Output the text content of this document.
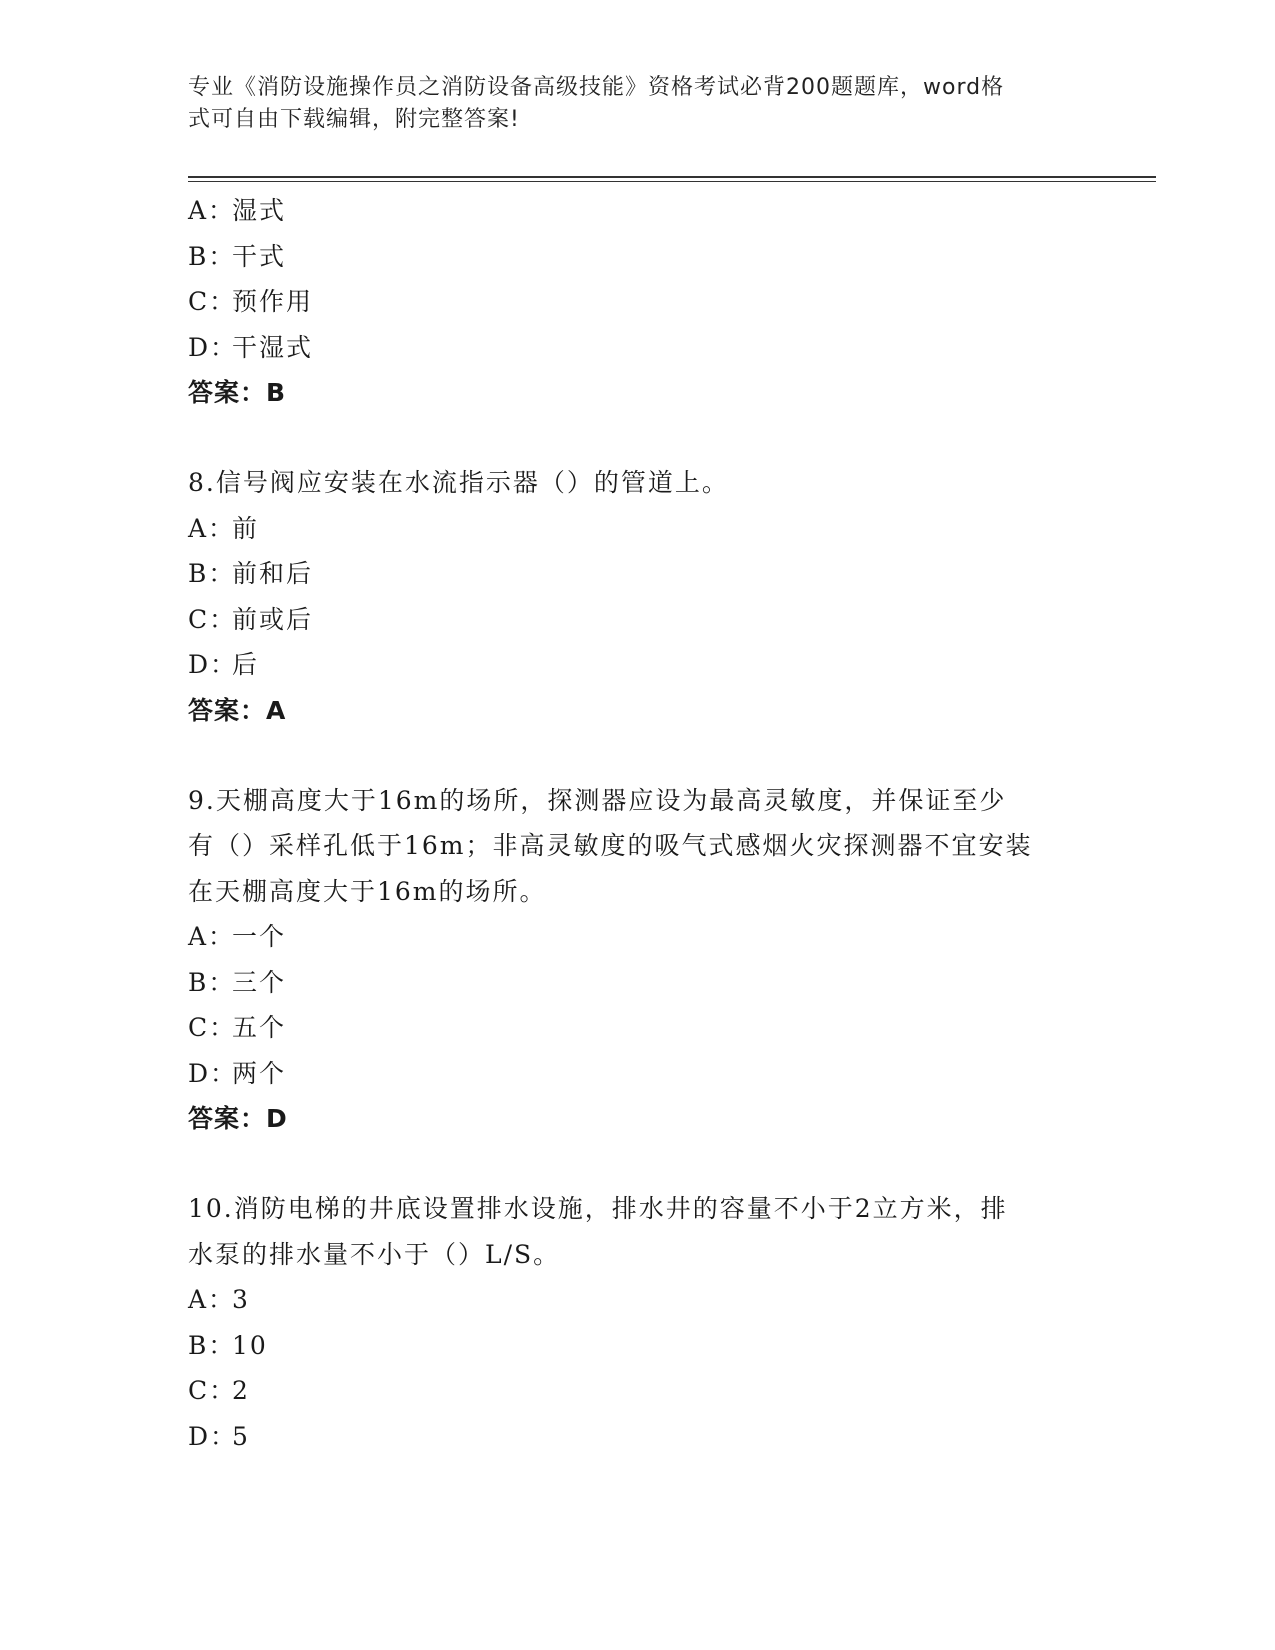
专业《消防设施操作员之消防设备高级技能》资格考试必背200题题库，word格
式可自由下载编辑，附完整答案!
A：湿式
B：干式
C：预作用
D：干湿式
答案：B

8.信号阀应安装在水流指示器（）的管道上。

A：前
B：前和后
C：前或后
D：后
答案：A

9.天棚高度大于16m的场所，探测器应设为最高灵敏度，并保证至少

有（）采样孔低于16m；非高灵敏度的吸气式感烟火灾探测器不宜安装

在天棚高度大于16m的场所。

A：一个
B：三个
C：五个
D：两个
答案：D

10.消防电梯的井底设置排水设施，排水井的容量不小于2立方米，排

水泵的排水量不小于（）L/S。

A：3
B：10
C：2
D：5
